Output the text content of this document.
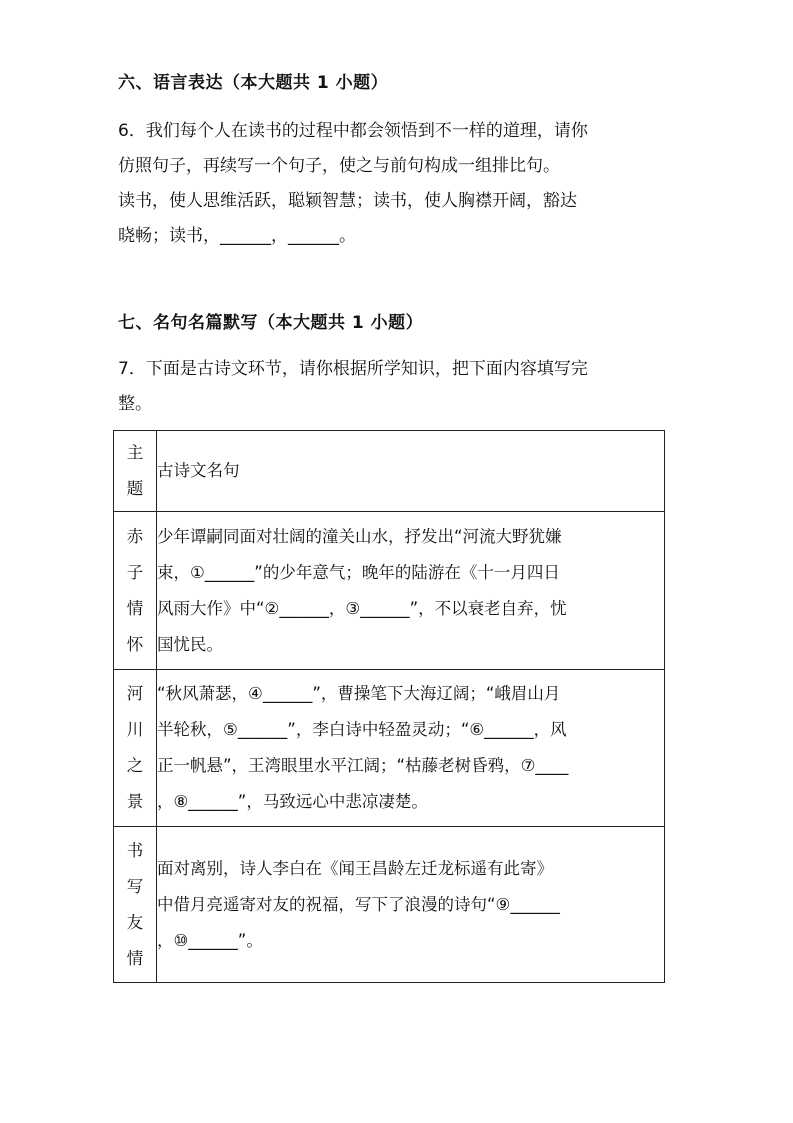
六、语言表达（本大题共 1 小题）
6．我们每个人在读书的过程中都会领悟到不一样的道理，请你
仿照句子，再续写一个句子，使之与前句构成一组排比句。
读书，使人思维活跃，聪颖智慧；读书，使人胸襟开阔，豁达
晓畅；读书，______，______。
七、名句名篇默写（本大题共 1 小题）
7．下面是古诗文环节，请你根据所学知识，把下面内容填写完
整。
主
题	古诗文名句

赤
子
情
怀	少年谭嗣同面对壮阔的潼关山水，抒发出“河流大野犹嫌
束，①______”的少年意气；晚年的陆游在《十一月四日
风雨大作》中“②______，③______”，不以衰老自弃，忧
国忧民。

河
川
之
景	“秋风萧瑟，④______”，曹操笔下大海辽阔；“峨眉山月
半轮秋，⑤______”，李白诗中轻盈灵动；“⑥______，风
正一帆悬”，王湾眼里水平江阔；“枯藤老树昏鸦，⑦____
，⑧______”，马致远心中悲凉凄楚。

书
写
友
情	面对离别，诗人李白在《闻王昌龄左迁龙标遥有此寄》
中借月亮遥寄对友的祝福，写下了浪漫的诗句“⑨______
，⑩______”。
